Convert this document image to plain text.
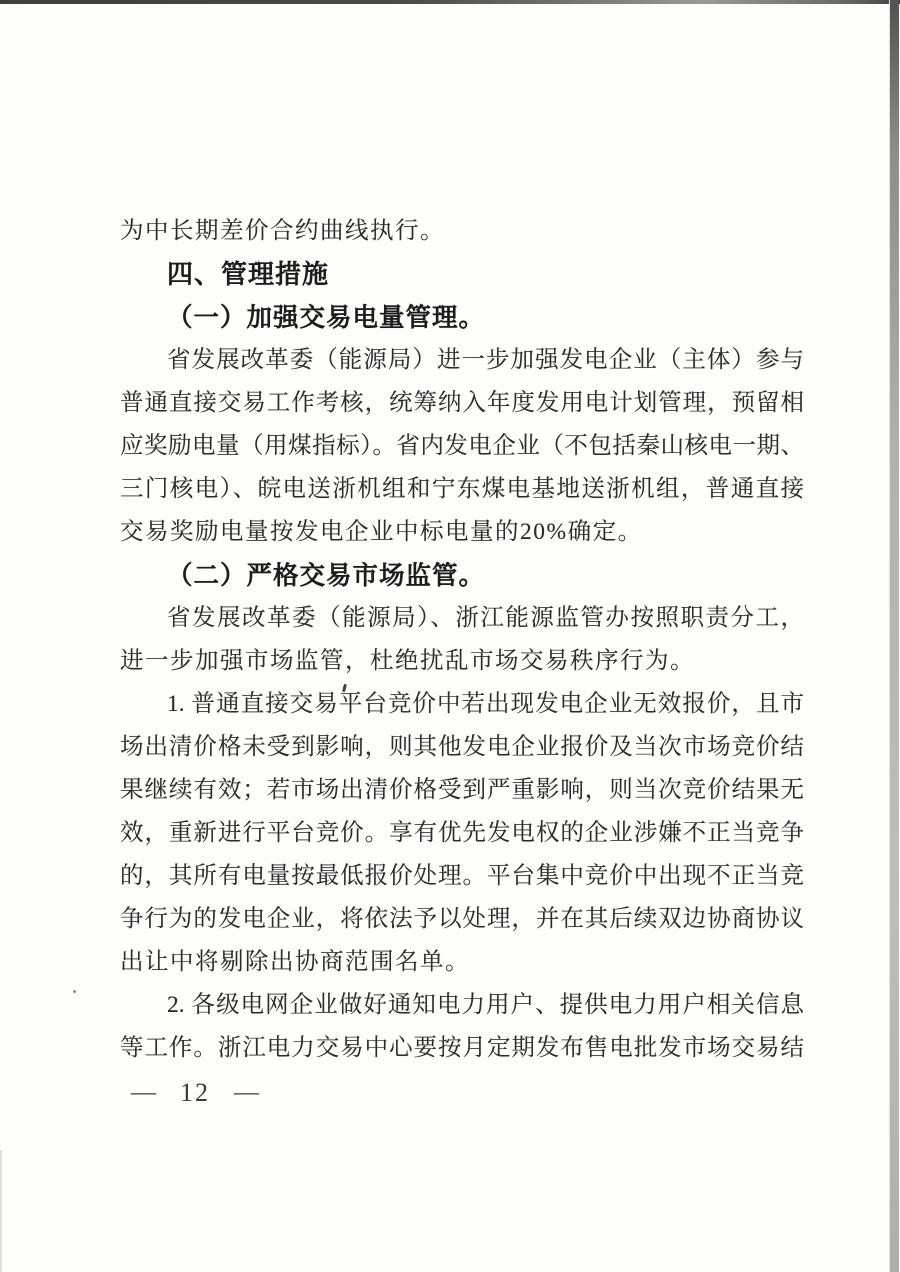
为中长期差价合约曲线执行。
四、管理措施
（一）加强交易电量管理。
省发展改革委（能源局）进一步加强发电企业（主体）参与
普通直接交易工作考核，统筹纳入年度发用电计划管理，预留相
应奖励电量（用煤指标）。省内发电企业（不包括秦山核电一期、
三门核电）、皖电送浙机组和宁东煤电基地送浙机组，普通直接
交易奖励电量按发电企业中标电量的20%确定。
（二）严格交易市场监管。
省发展改革委（能源局）、浙江能源监管办按照职责分工，
进一步加强市场监管，杜绝扰乱市场交易秩序行为。
1. 普通直接交易平台竞价中若出现发电企业无效报价，且市
场出清价格未受到影响，则其他发电企业报价及当次市场竞价结
果继续有效；若市场出清价格受到严重影响，则当次竞价结果无
效，重新进行平台竞价。享有优先发电权的企业涉嫌不正当竞争
的，其所有电量按最低报价处理。平台集中竞价中出现不正当竞
争行为的发电企业，将依法予以处理，并在其后续双边协商协议
出让中将剔除出协商范围名单。
2. 各级电网企业做好通知电力用户、提供电力用户相关信息
等工作。浙江电力交易中心要按月定期发布售电批发市场交易结
— 12 —
